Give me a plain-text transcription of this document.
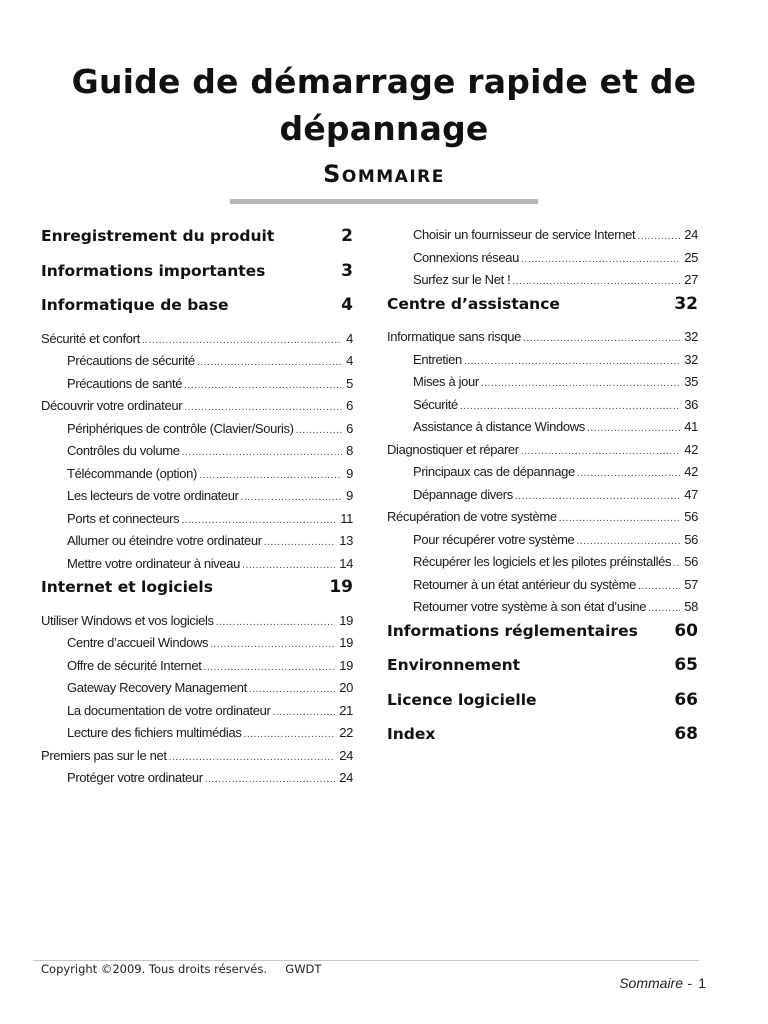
Guide de démarrage rapide et de
dépannage
Sommaire
Enregistrement du produit	2
Informations importantes	3
Informatique de base	4
Sécurité et confort .....	4
Précautions de sécurité .....	4
Précautions de santé .....	5
Découvrir votre ordinateur .....	6
Périphériques de contrôle (Clavier/Souris) .....	6
Contrôles du volume .....	8
Télécommande (option) .....	9
Les lecteurs de votre ordinateur .....	9
Ports et connecteurs .....	11
Allumer ou éteindre votre ordinateur .....	13
Mettre votre ordinateur à niveau .....	14
Internet et logiciels	19
Utiliser Windows et vos logiciels .....	19
Centre d’accueil Windows .....	19
Offre de sécurité Internet .....	19
Gateway Recovery Management .....	20
La documentation de votre ordinateur .....	21
Lecture des fichiers multimédias .....	22
Premiers pas sur le net .....	24
Protéger votre ordinateur .....	24
Choisir un fournisseur de service Internet .....	24
Connexions réseau .....	25
Surfez sur le Net ! .....	27
Centre d’assistance	32
Informatique sans risque .....	32
Entretien .....	32
Mises à jour .....	35
Sécurité .....	36
Assistance à distance Windows .....	41
Diagnostiquer et réparer .....	42
Principaux cas de dépannage .....	42
Dépannage divers .....	47
Récupération de votre système .....	56
Pour récupérer votre système .....	56
Récupérer les logiciels et les pilotes préinstallés ..... 56
Retourner à un état antérieur du système .....	57
Retourner votre système à son état d’usine .....	58
Informations réglementaires 60
Environnement	65
Licence logicielle	66
Index	68
Copyright ©2009. Tous droits réservés.     GWDT
Sommaire - 1
